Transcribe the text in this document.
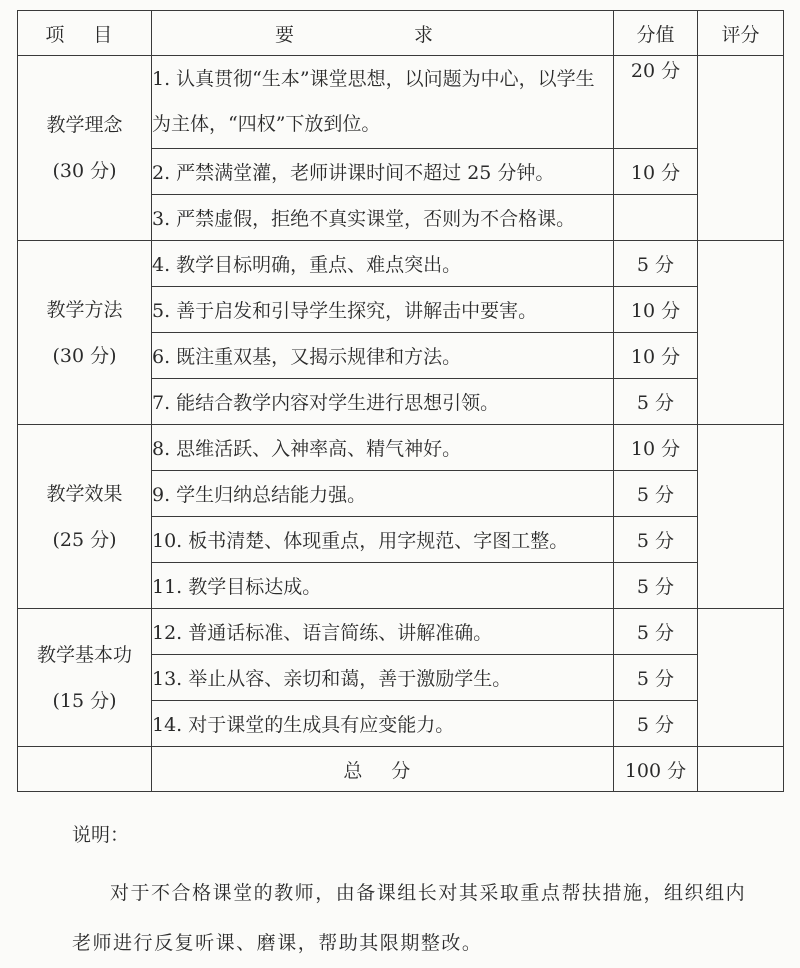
项 目	要 求	分值	评分

教学理念
(30 分)	1. 认真贯彻“生本”课堂思想，以问题为中心，以学生为主体，“四权”下放到位。	20 分	
	2. 严禁满堂灌，老师讲课时间不超过 25 分钟。	10 分	
	3. 严禁虚假，拒绝不真实课堂，否则为不合格课。		

教学方法
(30 分)	4. 教学目标明确，重点、难点突出。	5 分	
	5. 善于启发和引导学生探究，讲解击中要害。	10 分	
	6. 既注重双基，又揭示规律和方法。	10 分	
	7. 能结合教学内容对学生进行思想引领。	5 分	

教学效果
(25 分)	8. 思维活跃、入神率高、精气神好。	10 分	
	9. 学生归纳总结能力强。	5 分	
	10. 板书清楚、体现重点，用字规范、字图工整。	5 分	
	11. 教学目标达成。	5 分	

教学基本功
(15 分)	12. 普通话标准、语言简练、讲解准确。	5 分	
	13. 举止从容、亲切和蔼，善于激励学生。	5 分	
	14. 对于课堂的生成具有应变能力。	5 分	
	总 分	100 分	
说明：
对于不合格课堂的教师，由备课组长对其采取重点帮扶措施，组织组内老师进行反复听课、磨课，帮助其限期整改。
